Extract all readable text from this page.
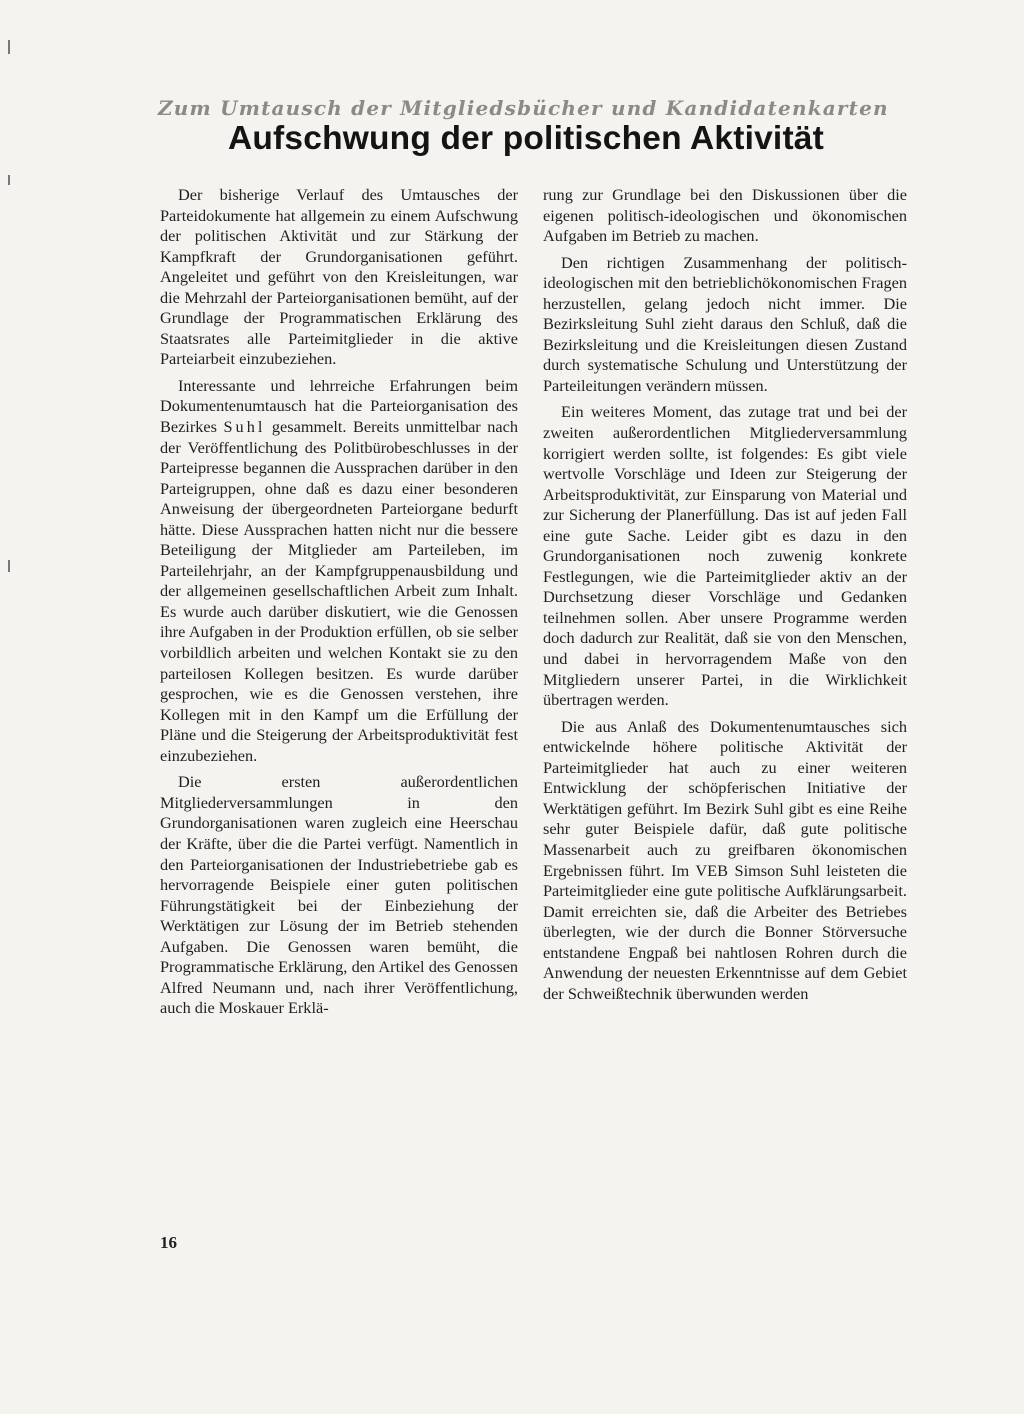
Zum Umtausch der Mitgliedsbücher und Kandidatenkarten
Aufschwung der politischen Aktivität

Der bisherige Verlauf des Umtausches der Parteidokumente hat allgemein zu einem Aufschwung der politischen Aktivität und zur Stärkung der Kampfkraft der Grundorganisationen geführt. Angeleitet und geführt von den Kreisleitungen, war die Mehrzahl der Parteiorganisationen bemüht, auf der Grundlage der Programmatischen Erklärung des Staatsrates alle Parteimitglieder in die aktive Parteiarbeit einzubeziehen.

Interessante und lehrreiche Erfahrungen beim Dokumentenumtausch hat die Parteiorganisation des Bezirkes Suhl gesammelt. Bereits unmittelbar nach der Veröffentlichung des Politbürobeschlusses in der Parteipresse begannen die Aussprachen darüber in den Parteigruppen, ohne daß es dazu einer besonderen Anweisung der übergeordneten Parteiorgane bedurft hätte. Diese Aussprachen hatten nicht nur die bessere Beteiligung der Mitglieder am Parteileben, im Parteilehrjahr, an der Kampfgruppenausbildung und der allgemeinen gesellschaftlichen Arbeit zum Inhalt. Es wurde auch darüber diskutiert, wie die Genossen ihre Aufgaben in der Produktion erfüllen, ob sie selber vorbildlich arbeiten und welchen Kontakt sie zu den parteilosen Kollegen besitzen. Es wurde darüber gesprochen, wie es die Genossen verstehen, ihre Kollegen mit in den Kampf um die Erfüllung der Pläne und die Steigerung der Arbeitsproduktivität fest einzubeziehen.

Die ersten außerordentlichen Mitgliederversammlungen in den Grundorganisationen waren zugleich eine Heerschau der Kräfte, über die die Partei verfügt. Namentlich in den Parteiorganisationen der Industriebetriebe gab es hervorragende Beispiele einer guten politischen Führungstätigkeit bei der Einbeziehung der Werktätigen zur Lösung der im Betrieb stehenden Aufgaben. Die Genossen waren bemüht, die Programmatische Erklärung, den Artikel des Genossen Alfred Neumann und, nach ihrer Veröffentlichung, auch die Moskauer Erklä-

rung zur Grundlage bei den Diskussionen über die eigenen politisch-ideologischen und ökonomischen Aufgaben im Betrieb zu machen.

Den richtigen Zusammenhang der politisch-ideologischen mit den betrieblichökonomischen Fragen herzustellen, gelang jedoch nicht immer. Die Bezirksleitung Suhl zieht daraus den Schluß, daß die Bezirksleitung und die Kreisleitungen diesen Zustand durch systematische Schulung und Unterstützung der Parteileitungen verändern müssen.

Ein weiteres Moment, das zutage trat und bei der zweiten außerordentlichen Mitgliederversammlung korrigiert werden sollte, ist folgendes: Es gibt viele wertvolle Vorschläge und Ideen zur Steigerung der Arbeitsproduktivität, zur Einsparung von Material und zur Sicherung der Planerfüllung. Das ist auf jeden Fall eine gute Sache. Leider gibt es dazu in den Grundorganisationen noch zuwenig konkrete Festlegungen, wie die Parteimitglieder aktiv an der Durchsetzung dieser Vorschläge und Gedanken teilnehmen sollen. Aber unsere Programme werden doch dadurch zur Realität, daß sie von den Menschen, und dabei in hervorragendem Maße von den Mitgliedern unserer Partei, in die Wirklichkeit übertragen werden.

Die aus Anlaß des Dokumentenumtausches sich entwickelnde höhere politische Aktivität der Parteimitglieder hat auch zu einer weiteren Entwicklung der schöpferischen Initiative der Werktätigen geführt. Im Bezirk Suhl gibt es eine Reihe sehr guter Beispiele dafür, daß gute politische Massenarbeit auch zu greifbaren ökonomischen Ergebnissen führt. Im VEB Simson Suhl leisteten die Parteimitglieder eine gute politische Aufklärungsarbeit. Damit erreichten sie, daß die Arbeiter des Betriebes überlegten, wie der durch die Bonner Störversuche entstandene Engpaß bei nahtlosen Rohren durch die Anwendung der neuesten Erkenntnisse auf dem Gebiet der Schweißtechnik überwunden werden

16
